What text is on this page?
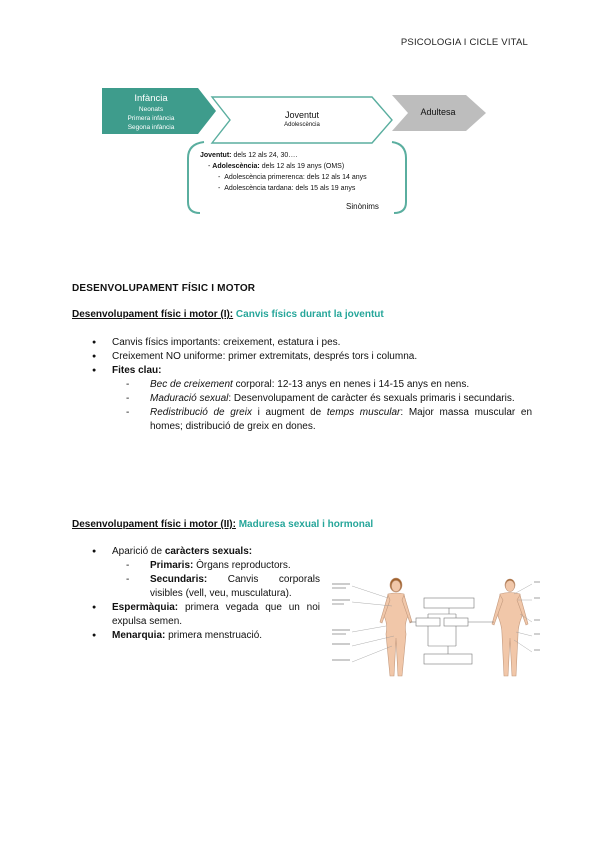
PSICOLOGIA I CICLE VITAL
Infància
Neonats
Primera infància
Segona infància
Joventut
Adolescència
Adultesa
Joventut: dels 12 als 24, 30….
- Adolescència: dels 12 als 19 anys (OMS)
-  Adolescència primerenca: dels 12 als 14 anys
-  Adolescència tardana: dels 15 als 19 anys
Sinònims
DESENVOLUPAMENT FÍSIC I MOTOR
Desenvolupament físic i motor (I): Canvis físics durant la joventut
● Canvis físics importants: creixement, estatura i pes.
● Creixement NO uniforme: primer extremitats, després tors i columna.
● Fites clau:
- Bec de creixement corporal: 12-13 anys en nenes i 14-15 anys en nens.
- Maduració sexual: Desenvolupament de caràcter és sexuals primaris i secundaris.
- Redistribució de greix i augment de temps muscular: Major massa muscular en homes; distribució de greix en dones.
Desenvolupament físic i motor (II): Maduresa sexual i hormonal
● Aparició de caràcters sexuals:
- Primaris: Òrgans reproductors.
- Secundaris: Canvis corporals visibles (vell, veu, musculatura).
● Espermàquia: primera vegada que un noi expulsa semen.
● Menarquia: primera menstruació.
